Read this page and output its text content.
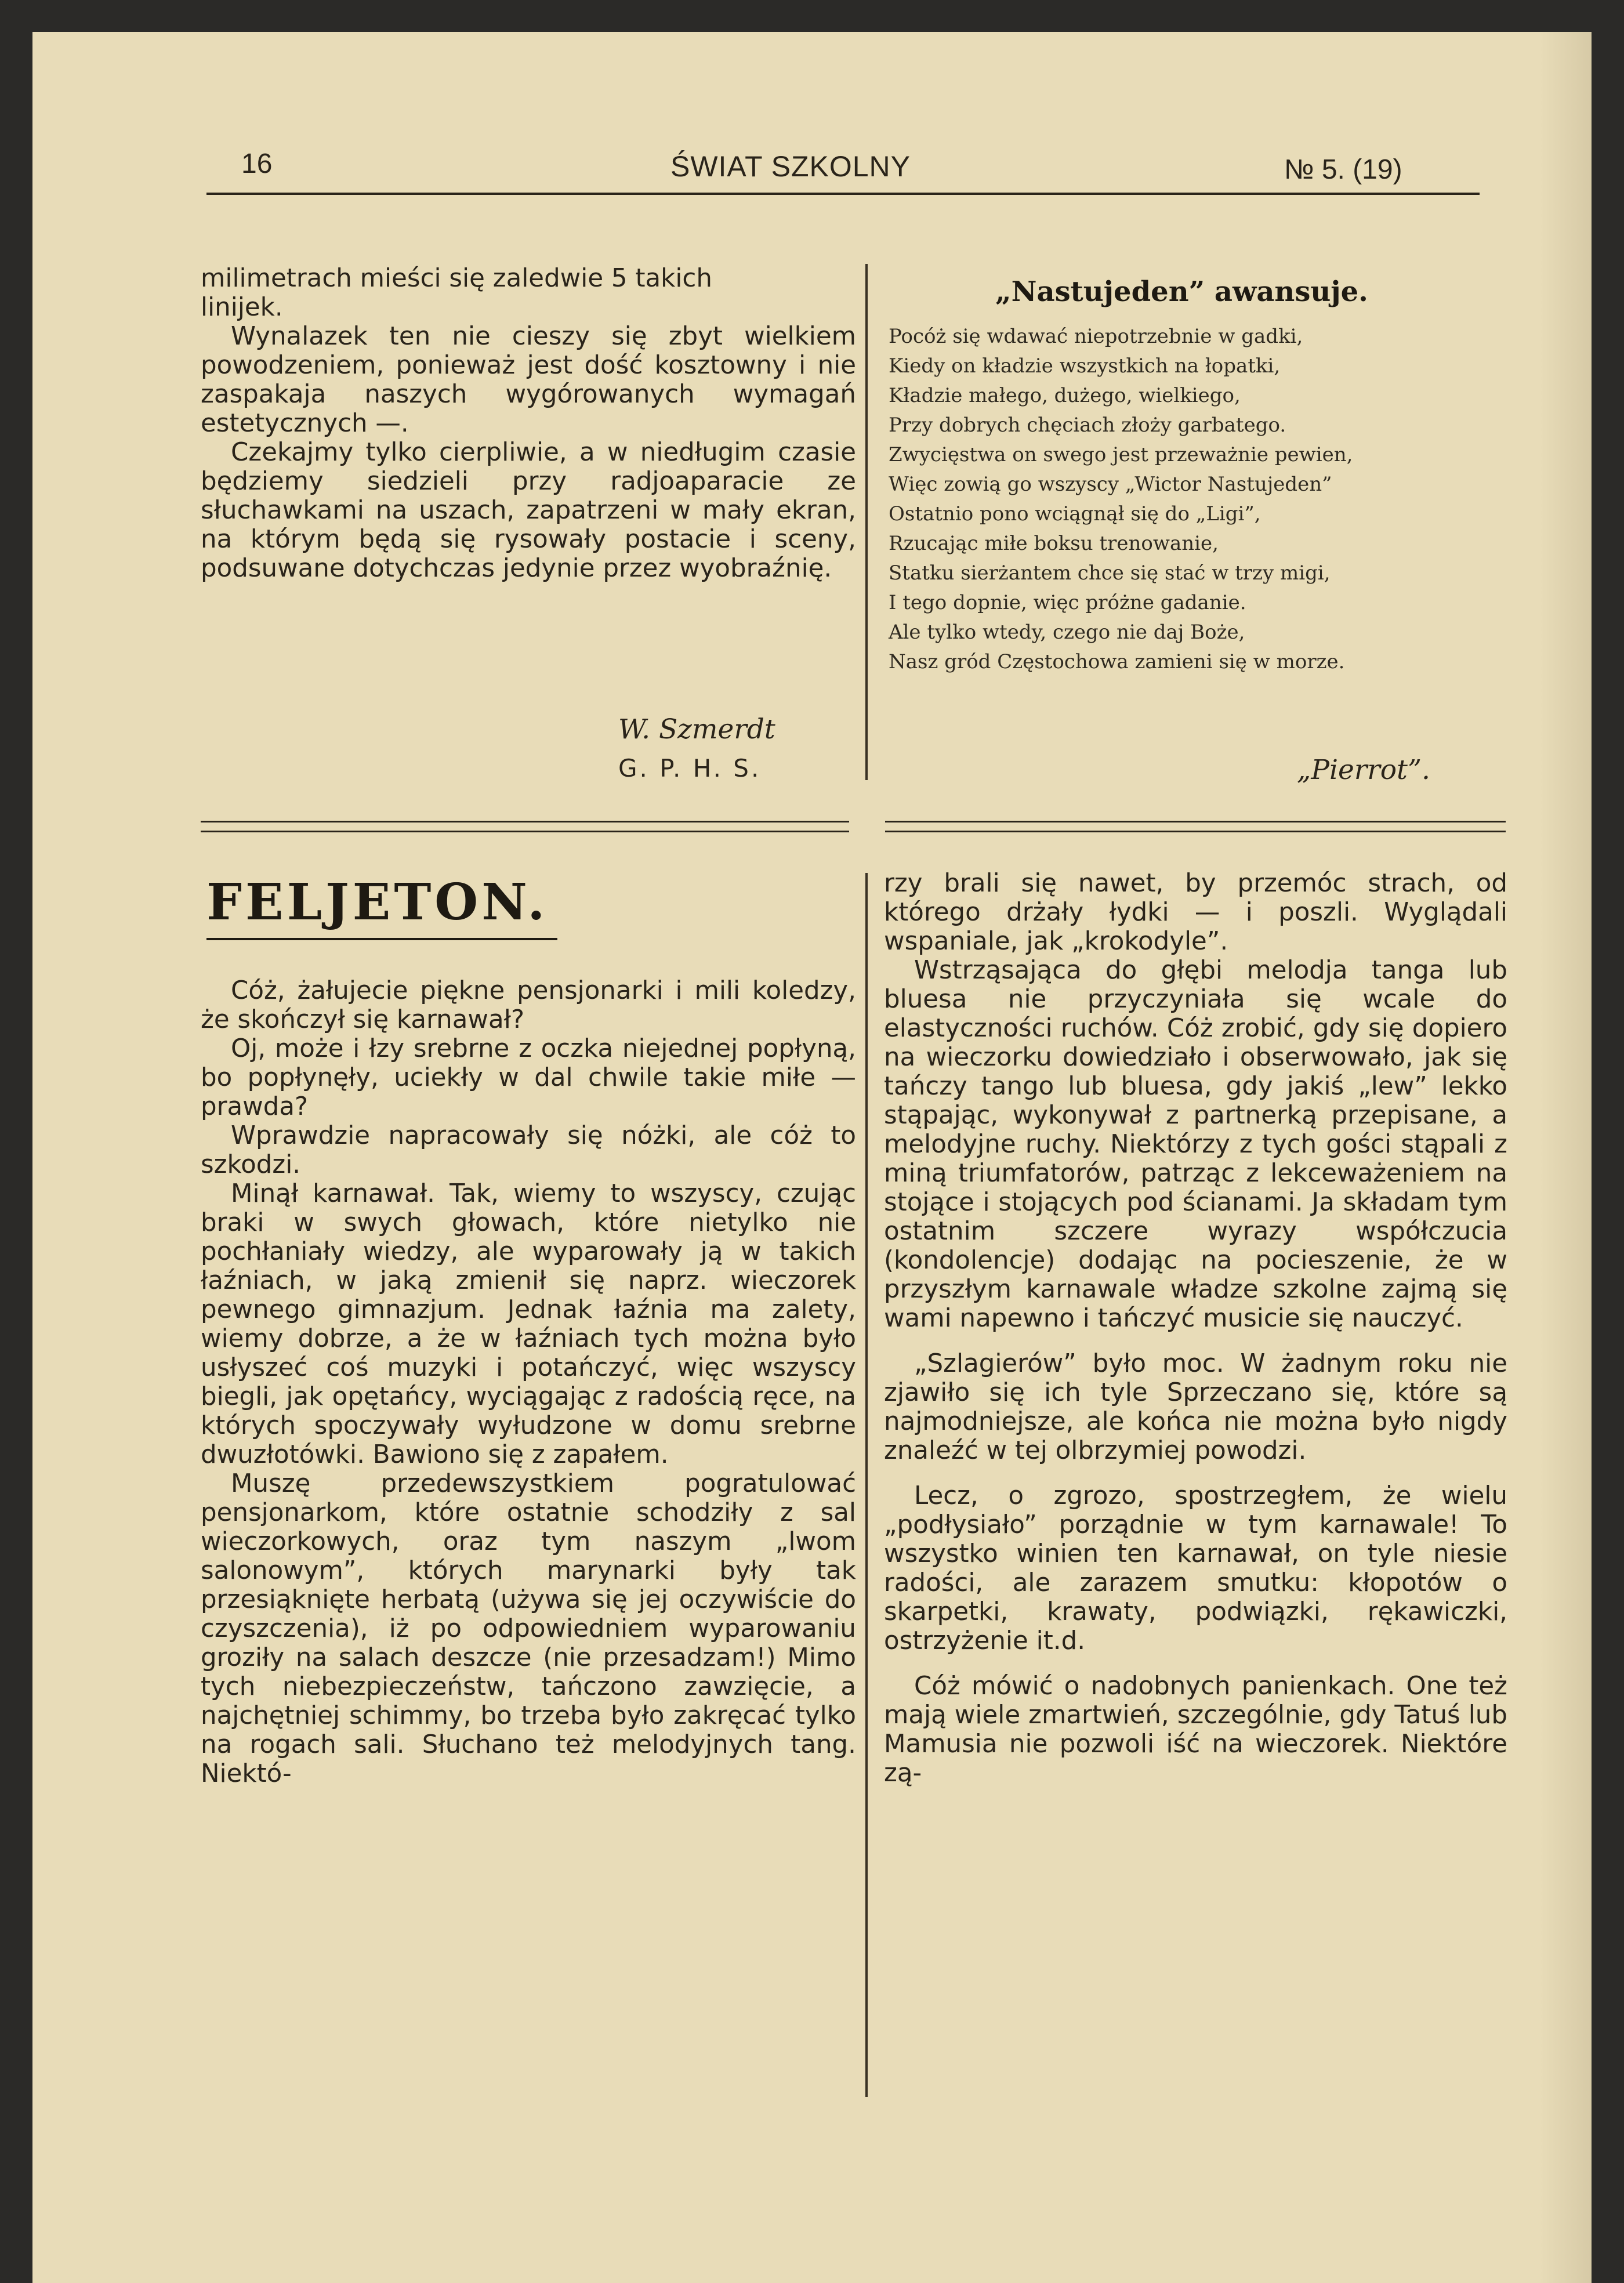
16	ŚWIAT SZKOLNY	№ 5. (19)
milimetrach mieści się zaledwie 5 takich
linijek.

Wynalazek ten nie cieszy się zbyt wielkiem powodzeniem, ponieważ jest dość kosztowny i nie zaspakaja naszych wygórowanych wymagań estetycznych —.

Czekajmy tylko cierpliwie, a w niedługim czasie będziemy siedzieli przy radjoaparacie ze słuchawkami na uszach, zapatrzeni w mały ekran, na którym będą się rysowały postacie i sceny, podsuwane dotychczas jedynie przez wyobraźnię.

W. Szmerdt
G. P. H. S.
„Nastujeden” awansuje.
Pocóż się wdawać niepotrzebnie w gadki,
Kiedy on kładzie wszystkich na łopatki,
Kładzie małego, dużego, wielkiego,
Przy dobrych chęciach złoży garbatego.
Zwycięstwa on swego jest przeważnie pewien,
Więc zowią go wszyscy „Wictor Nastujeden”
Ostatnio pono wciągnął się do „Ligi”,
Rzucając miłe boksu trenowanie,
Statku sierżantem chce się stać w trzy migi,
I tego dopnie, więc próżne gadanie.
Ale tylko wtedy, czego nie daj Boże,
Nasz gród Częstochowa zamieni się w morze.
„Pierrot”.
FELJETON.

Cóż, żałujecie piękne pensjonarki i mili koledzy, że skończył się karnawał?

Oj, może i łzy srebrne z oczka niejednej popłyną, bo popłynęły, uciekły w dal chwile takie miłe — prawda?

Wprawdzie napracowały się nóżki, ale cóż to szkodzi.

Minął karnawał. Tak, wiemy to wszyscy, czując braki w swych głowach, które nietylko nie pochłaniały wiedzy, ale wyparowały ją w takich łaźniach, w jaką zmienił się naprz. wieczorek pewnego gimnazjum. Jednak łaźnia ma zalety, wiemy dobrze, a że w łaźniach tych można było usłyszeć coś muzyki i potańczyć, więc wszyscy biegli, jak opętańcy, wyciągając z radością ręce, na których spoczywały wyłudzone w domu srebrne dwuzłotówki. Bawiono się z zapałem.

Muszę przedewszystkiem pogratulować pensjonarkom, które ostatnie schodziły z sal wieczorkowych, oraz tym naszym „lwom salonowym”, których marynarki były tak przesiąknięte herbatą (używa się jej oczywiście do czyszczenia), iż po odpowiedniem wyparowaniu groziły na salach deszcze (nie przesadzam!) Mimo tych niebezpieczeństw, tańczono zawzięcie, a najchętniej schimmy, bo trzeba było zakręcać tylko na rogach sali. Słuchano też melodyjnych tang. Niektó-

rzy brali się nawet, by przemóc strach, od którego drżały łydki — i poszli. Wyglądali wspaniale, jak „krokodyle”.

Wstrząsająca do głębi melodja tanga lub bluesa nie przyczyniała się wcale do elastyczności ruchów. Cóż zrobić, gdy się dopiero na wieczorku dowiedziało i obserwowało, jak się tańczy tango lub bluesa, gdy jakiś „lew” lekko stąpając, wykonywał z partnerką przepisane, a melodyjne ruchy. Niektórzy z tych gości stąpali z miną triumfatorów, patrząc z lekceważeniem na stojące i stojących pod ścianami. Ja składam tym ostatnim szczere wyrazy współczucia (kondolencje) dodając na pocieszenie, że w przyszłym karnawale władze szkolne zajmą się wami napewno i tańczyć musicie się nauczyć.

„Szlagierów” było moc. W żadnym roku nie zjawiło się ich tyle Sprzeczano się, które są najmodniejsze, ale końca nie można było nigdy znaleźć w tej olbrzymiej powodzi.

Lecz, o zgrozo, spostrzegłem, że wielu „podłysiało” porządnie w tym karnawale! To wszystko winien ten karnawał, on tyle niesie radości, ale zarazem smutku: kłopotów o skarpetki, krawaty, podwiązki, rękawiczki, ostrzyżenie it.d.

Cóż mówić o nadobnych panienkach. One też mają wiele zmartwień, szczególnie, gdy Tatuś lub Mamusia nie pozwoli iść na wieczorek. Niektóre zą-
